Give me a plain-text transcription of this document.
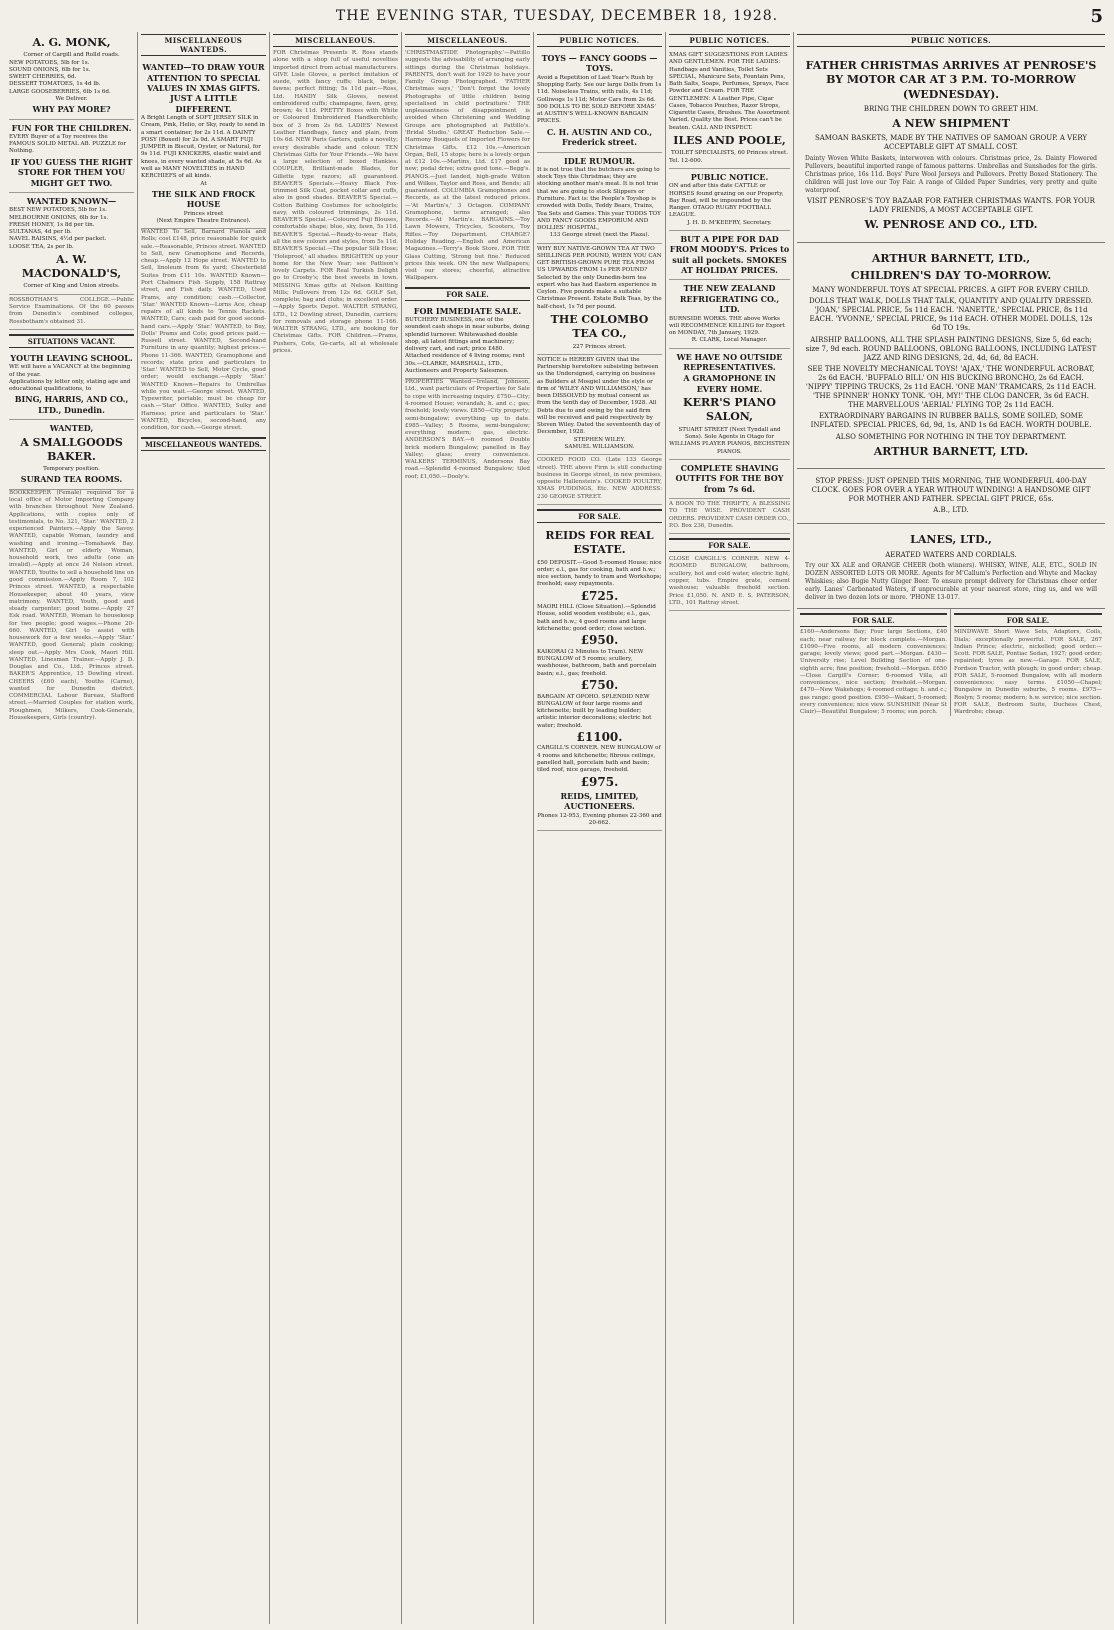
THE EVENING STAR, TUESDAY, DECEMBER 18, 1928.	5
A. G. MONK,
Corner of Cargill and Rolld roads.
NEW POTATOES, 5lb for 1s.
SOUND ONIONS, 6lb for 1s.
SWEET CHERRIES, 6d.
DESSERT TOMATOES, 1s 4d lb.
LARGE GOOSEBERRIES, 6lb 1s 6d.
We Deliver.
WHY PAY MORE?
FUN FOR THE CHILDREN.
EVERY Buyer of a Toy receives the FAMOUS SOLID METAL AB. PUZZLE for Nothing.
IF YOU GUESS THE RIGHT STORE FOR THEM YOU MIGHT GET TWO.
WANTED KNOWN—
BEST NEW POTATOES, 5lb for 1s.
MELBOURNE ONIONS, 6lb for 1s.
FRESH HONEY, 1s 8d per tin.
SULTANAS, 4d per lb.
NAVEL RAISINS, 4½d per packet.
LOOSE TEA, 2s per lb.
A. W. MACDONALD'S,
Corner of King and Union streets.
ROSSBOTHAM'S COLLEGE.—Public Service Examinations. Of the 60 passes from Dunedin's combined colleges, Rossbotham's obtained 31.
SITUATIONS VACANT.
YOUTH LEAVING SCHOOL.
WE will have a VACANCY at the beginning of the year.
Applications by letter only, stating age and educational qualifications, to
BING, HARRIS, AND CO., LTD., Dunedin.
WANTED,
A SMALLGOODS BAKER.
Temporary position.
SURAND TEA ROOMS.
BOOKKEEPER (Female) required for a local office of Motor Importing Company with branches throughout New Zealand. Applications, with copies only of testimonials, to No. 321, 'Star.' WANTED, 2 experienced Painters.—Apply the Savoy. WANTED, capable Woman, laundry and washing and ironing.—Tomahawk Bay. WANTED, Girl or elderly Woman, household work, two adults (one an invalid).—Apply at once 24 Nelson street. WANTED, Youths to sell a household line on good commission.—Apply Room 7, 102 Princes street. WANTED, a respectable Housekeeper, about 40 years, view matrimony. WANTED, Youth, good and steady carpenter; good home.—Apply 27 Esk road. WANTED, Woman to housekeep for two people; good wages.—Phone 20-660. WANTED, Girl to assist with housework for a few weeks.—Apply 'Star.' WANTED, good General; plain cooking; sleep out.—Apply Mrs Cook, Maori Hill. WANTED, Linesman Trainer.—Apply J. D. Douglas and Co., Ltd., Princes street. BAKER'S Apprentice, 15 Dowling street. CHEERS (£60 each), Youths (Carne), wanted for Dunedin district. COMMERCIAL Labour Bureau, Stafford street.—Married Couples for station work, Ploughmen, Milkers, Cook-Generals, Housekeepers, Girls (country).
MISCELLANEOUS WANTEDS.
WANTED—TO DRAW YOUR ATTENTION TO SPECIAL VALUES IN XMAS GIFTS. JUST A LITTLE DIFFERENT.
A Bright Length of SOFT JERSEY SILK in Cream, Pink, Helio, or Sky, ready to send in a smart container, for 2s 11d. A DAINTY POSY (Boxed) for 2s 9d. A SMART FUJI JUMPER in Biscuit, Oyster, or Natural, for 9s 11d. FUJI KNICKERS, elastic waist and knees, in every wanted shade, at 5s 6d. As well as MANY NOVELTIES in HAND KERCHIEFS of all kinds.
At
THE SILK AND FROCK HOUSE
Princes street
(Next Empire Theatre Entrance).
WANTED To Sell, Barnard Pianola and Rolls; cost £148, price reasonable for quick sale.—Reasonable, Princes street. WANTED to Sell, new Gramophone and Records, cheap.—Apply 12 Hope street. WANTED to Sell, linoleum from 6s yard; Chesterfield Suites from £11 10s. WANTED Known—Port Chalmers Fish Supply, 158 Rattray street, and Fish daily. WANTED, Used Prams, any condition; cash.—Collector, 'Star.' WANTED Known—Lorns Ace, cheap repairs of all kinds to Tennis Rackets. WANTED, Cars; cash paid for good second-hand cars.—Apply 'Star.' WANTED, to Buy, Dolls' Prams and Cots; good prices paid.—Russell street. WANTED, Second-hand Furniture in any quantity; highest prices.—Phone 11-366. WANTED, Gramophone and records; state price and particulars to 'Star.' WANTED to Sell, Motor Cycle, good order; would exchange.—Apply 'Star.' WANTED Known—Repairs to Umbrellas while you wait.—George street. WANTED, Typewriter, portable; must be cheap for cash.—'Star' Office. WANTED, Sulky and Harness; price and particulars to 'Star.' WANTED, Bicycles, second-hand, any condition, for cash.—George street.
MISCELLANEOUS WANTEDS.
MISCELLANEOUS.
FOR Christmas Presents R. Ross stands alone with a shop full of useful novelties imported direct from actual manufacturers. GIVE Lisle Gloves, a perfect imitation of suede, with fancy cuffs; black, beige, fawns; perfect fitting; 5s 11d pair.—Ross, Ltd. HANDY Silk Gloves, newest embroidered cuffs; champagne, fawn, grey, brown; 4s 11d. PRETTY Boxes with White or Coloured Embroidered Handkerchiefs; box of 3 from 2s 6d. LADIES' Newest Leather Handbags, fancy and plain, from 10s 6d. NEW Paris Garters, quite a novelty; every desirable shade and colour. TEN Christmas Gifts for Your Friends.—We have a large selection of boxed Hankies. COUPLER, Brilliant-made Blades, for Gillette type razors; all guaranteed. BEAVER'S Specials.—Heavy Black Fox-trimmed Silk Coat, pocket collar and cuffs, also in good shades. BEAVER'S Special.—Cotton Bathing Costumes for schoolgirls; navy, with coloured trimmings, 2s 11d. BEAVER'S Special.—Coloured Fuji Blouses, comfortable shape; blue, sky, fawn, 5s 11d. BEAVER'S Special.—Ready-to-wear Hats, all the new colours and styles, from 5s 11d. BEAVER'S Special.—The popular Silk Hose; 'Holeproof,' all shades. BRIGHTEN up your home for the New Year; see Pattison's lovely Carpets. FOR Real Turkish Delight go to Crosby's; the best sweets in town. MISSING Xmas gifts at Nelson Knitting Mills; Pullovers from 12s 6d. GOLF Set, complete; bag and clubs; in excellent order.—Apply Sports Depot. WALTER STRANG, LTD., 12 Dowling street, Dunedin, carriers; for removals and storage phone 11-166. WALTER STRANG, LTD., are booking for Christmas Gifts. FOR Children.—Prams, Pushers, Cots, Go-carts, all at wholesale prices.
MISCELLANEOUS.
'CHRISTMASTIDE Photography.'—Pattillo suggests the advisability of arranging early sittings during the Christmas holidays. PARENTS, don't wait for 1929 to have your Family Group Photographed. 'FATHER Christmas says,' 'Don't forget the lovely Photographs of little children being specialised in child portraiture.' THE unpleasantness of disappointment is avoided when Christening and Wedding Groups are photographed at Pattillo's. 'Bridal Studio.' GREAT Reduction Sale.—Harmony Bouquets of Imported Flowers for Christmas Gifts. £12 10s.—American Organ, Bell, 15 stops; here is a lovely organ at £12 10s.—Martins, Ltd. £17 good as new; pedal drive; extra good tone.—Begg's. PIANOS.—Just landed, high-grade Wilton and Wilkes, Taylor and Ross, and Bends; all guaranteed. COLUMBIA Gramophones and Records, as at the latest reduced prices.—'At Martin's,' 3 Octagon. COMPANY Gramophone, terms arranged; also Records.—At Martin's. BARGAINS.—Toy Lawn Mowers, Tricycles, Scooters, Toy Rifles.—Toy Department. CHARGE? Holiday Reading.—English and American Magazines.—Terry's Book Store. FOR THE Glass Cutting, 'Strong but fine.' Reduced prices this week. ON the new Wallpapers; visit our stores; cheerful, attractive Wallpapers.
FOR SALE.
FOR IMMEDIATE SALE.
BUTCHERY BUSINESS, one of the soundest cash shops in near suburbs, doing splendid turnover. Whitewashed double shop, all latest fittings and machinery; delivery cart, and cart; price £480. Attached residence of 4 living rooms; rent 30s.—CLARKE, MARSHALL, LTD., Auctioneers and Property Salesmen.
PROPERTIES Wanted—Ireland, Johnson, Ltd., want particulars of Properties for Sale to cope with increasing inquiry. £750—City; 4-roomed House; verandah; h. and c.; gas; freehold; lovely views. £850—City property; semi-bungalow; everything up to date. £985—Valley; 5 Rooms, semi-bungalow; everything modern; gas, electric. ANDERSON'S BAY.—6 roomed Double brick modern Bungalow; panelled in Bay Valley; glass; every convenience. WALKERS' TERMINUS, Andersons Bay road.—Splendid 4-roomed Bungalow; tiled roof; £1,050.—Dooly's.
PUBLIC NOTICES.
TOYS — FANCY GOODS — TOYS.
Avoid a Repetition of Last Year's Rush by Shopping Early. See our large Dolls from 1s 11d. Noiseless Trains, with rails, 4s 11d; Golliwogs 1s 11d; Motor Cars from 2s 6d. 500 DOLLS TO BE SOLD BEFORE XMAS' at AUSTIN'S WELL-KNOWN BARGAIN PRICES.
C. H. AUSTIN AND CO., Frederick street.
IDLE RUMOUR.
It is not true that the butchers are going to stock Toys this Christmas; they are stocking another man's meat. It is not true that we are going to stock Slippers or Furniture. Fact is: the People's Toyshop is crowded with Dolls, Teddy Bears, Trains, Tea Sets and Games. This year TODDS TOY AND FANCY GOODS EMPORIUM AND DOLLIES' HOSPITAL,
133 George street (next the Plaza).
WHY BUY NATIVE-GROWN TEA AT TWO SHILLINGS PER POUND, WHEN YOU CAN GET BRITISH-GROWN PURE TEA FROM US UPWARDS FROM 1s PER POUND? Selected by the only Dunedin-born tea expert who has had Eastern experience in Ceylon. Five pounds make a suitable Christmas Present. Estate Bulk Teas, by the half-chest, 1s 7d per pound.
THE COLOMBO TEA CO.,
227 Princes street.
NOTICE is HEREBY GIVEN that the Partnership heretofore subsisting between us the Undersigned, carrying on business as Builders at Mosgiel under the style or firm of 'WILEY AND WILLIAMSON,' has been DISSOLVED by mutual consent as from the tenth day of December, 1928. All Debts due to and owing by the said firm will be received and paid respectively by Steven Wiley. Dated the seventeenth day of December, 1928.
STEPHEN WILEY.
SAMUEL WILLIAMSON.
COOKED FOOD CO. (Late 133 George street). THE above Firm is still conducting business in George street, in new premises, opposite Hallenstein's. COOKED POULTRY, XMAS PUDDINGS, Etc. NEW ADDRESS: 230 GEORGE STREET.
FOR SALE.
REIDS FOR REAL ESTATE.
£50 DEPOSIT.—Good 5-roomed House; nice order; e.l., gas for cooking, bath and h.w.; nice section, handy to tram and Workshops; freehold; easy repayments.
£725.
MAORI HILL (Close Situation).—Splendid House, solid wooden vestibule; e.l., gas, bath and h.w.; 4 good rooms and large kitchenette; good order; close section.
£950.
KAIKORAI (2 Minutes to Tram). NEW BUNGALOW of 5 rooms; scullery, washhouse, bathroom, bath and porcelain basin; e.l., gas; freehold.
£750.
BARGAIN AT OPOHO. SPLENDID NEW BUNGALOW of four large rooms and kitchenette; built by leading builder; artistic interior decorations; electric hot water; freehold.
£1100.
CARGILL'S CORNER. NEW BUNGALOW of 4 rooms and kitchenette; fibrous ceilings, panelled hall, porcelain bath and basin; tiled roof, nice garage, freehold.
£975.
REIDS, LIMITED, AUCTIONEERS.
Phones 12-953, Evening phones 22-360 and 20-662.
PUBLIC NOTICES.
XMAS GIFT SUGGESTIONS FOR LADIES AND GENTLEMEN. FOR THE LADIES: Handbags and Vanities, Toilet Sets SPECIAL, Manicure Sets, Fountain Pens, Bath Salts, Soaps, Perfumes, Sprays, Face Powder and Cream. FOR THE GENTLEMEN: A Leather Pipe, Cigar Cases, Tobacco Pouches, Razor Strops, Cigarette Cases, Brushes. The Assortment Varied. Quality the Best. Prices can't be beaten. CALL AND INSPECT.
ILES AND POOLE,
TOILET SPECIALISTS, 60 Princes street.
Tel. 12-600.
PUBLIC NOTICE.
ON and after this date CATTLE or HORSES found grazing on our Property, Bay Road, will be impounded by the Ranger. OTAGO RUGBY FOOTBALL LEAGUE.
J. H. D. M'KEEFRY, Secretary.
BUT A PIPE FOR DAD FROM MOODY'S. Prices to suit all pockets. SMOKES AT HOLIDAY PRICES.
THE NEW ZEALAND REFRIGERATING CO., LTD.
BURNSIDE WORKS. THE above Works will RECOMMENCE KILLING for Export on MONDAY, 7th January, 1929.
R. CLARK, Local Manager.
WE HAVE NO OUTSIDE REPRESENTATIVES.
A GRAMOPHONE IN EVERY HOME.
KERR'S PIANO SALON,
STUART STREET (Next Tyndall and Sons). Sole Agents in Otago for WILLIAMS PLAYER PIANOS, BECHSTEIN PIANOS.
COMPLETE SHAVING OUTFITS FOR THE BOY from 7s 6d.
A BOON TO THE THRIFTY, A BLESSING TO THE WISE. PROVIDENT CASH ORDERS. PROVIDENT CASH ORDER CO., P.O. Box 236, Dunedin.
FOR SALE.
CLOSE CARGILL'S CORNER. NEW 4-ROOMED BUNGALOW, bathroom, scullery, hot and cold water, electric light, copper, tubs. Empire grate, cement washouse; valuable freehold section. Price £1,050. N. AND E. S. PATERSON, LTD., 101 Rattray street.
PUBLIC NOTICES.
FATHER CHRISTMAS ARRIVES AT PENROSE'S BY MOTOR CAR AT 3 P.M. TO-MORROW (WEDNESDAY).
BRING THE CHILDREN DOWN TO GREET HIM.
A NEW SHIPMENT
SAMOAN BASKETS, MADE BY THE NATIVES OF SAMOAN GROUP. A VERY ACCEPTABLE GIFT AT SMALL COST.
Dainty Woven White Baskets, interwoven with colours. Christmas price, 2s. Dainty Flowered Pullovers, beautiful imported range of famous patterns. Umbrellas and Sunshades for the girls. Christmas price, 16s 11d. Boys' Pure Wool Jerseys and Pullovers. Pretty Boxed Stationery. The children will just love our Toy Fair. A range of Gilded Paper Sundries, very pretty and quite waterproof.
VISIT PENROSE'S TOY BAZAAR FOR FATHER CHRISTMAS WANTS. FOR YOUR LADY FRIENDS, A MOST ACCEPTABLE GIFT.
W. PENROSE AND CO., LTD.
ARTHUR BARNETT, LTD.,
CHILDREN'S DAY TO-MORROW.
MANY WONDERFUL TOYS AT SPECIAL PRICES. A GIFT FOR EVERY CHILD.
DOLLS THAT WALK, DOLLS THAT TALK, QUANTITY AND QUALITY DRESSED. 'JOAN,' SPECIAL PRICE, 5s 11d EACH. 'NANETTE,' SPECIAL PRICE, 8s 11d EACH. 'YVONNE,' SPECIAL PRICE, 9s 11d EACH. OTHER MODEL DOLLS, 12s 6d TO 19s.
AIRSHIP BALLOONS, ALL THE SPLASH PAINTING DESIGNS, Size 5, 6d each; size 7, 9d each. ROUND BALLOONS, OBLONG BALLOONS, INCLUDING LATEST JAZZ AND RING DESIGNS, 2d, 4d, 6d, 8d EACH.
SEE THE NOVELTY MECHANICAL TOYS! 'AJAX,' THE WONDERFUL ACROBAT, 2s 6d EACH. 'BUFFALO BILL' ON HIS BUCKING BRONCHO, 2s 6d EACH. 'NIPPY' TIPPING TRUCKS, 2s 11d EACH. 'ONE MAN' TRAMCARS, 2s 11d EACH. 'THE SPINNER' HONKY TONK. 'OH, MY!' THE CLOG DANCER, 3s 6d EACH. THE MARVELLOUS 'AERIAL' FLYING TOP, 2s 11d EACH.
EXTRAORDINARY BARGAINS IN RUBBER BALLS, SOME SOILED, SOME INFLATED. SPECIAL PRICES, 6d, 9d, 1s, AND 1s 6d EACH. WORTH DOUBLE.
ALSO SOMETHING FOR NOTHING IN THE TOY DEPARTMENT.
ARTHUR BARNETT, LTD.
STOP PRESS: JUST OPENED THIS MORNING, THE WONDERFUL 400-DAY CLOCK. GOES FOR OVER A YEAR WITHOUT WINDING! A HANDSOME GIFT FOR MOTHER AND FATHER. SPECIAL GIFT PRICE, 65s.
A.B., LTD.
LANES, LTD.,
AERATED WATERS AND CORDIALS.
Try our XX ALE and ORANGE CHEER (both winners). WHISKY, WINE, ALE, ETC., SOLD IN DOZEN ASSORTED LOTS OR MORE. Agents for M'Callum's Perfection and Whyte and Mackay Whiskies; also Bugie Nutty Ginger Beer. To ensure prompt delivery for Christmas cheer order early. Lanes' Carbonated Waters, if unprocurable at your nearest store, ring us, and we will deliver in two dozen lots or more. 'PHONE 13-017.
FOR SALE.
£160—Andersons Bay; Four large Sections, £40 each; near railway for block complete.—Morgan. £1090—Five rooms, all modern conveniences; garage; lovely views; good part.—Morgan. £430—University rise; Level Building Section of one-eighth acre; fine position; freehold.—Morgan. £650—Close Cargill's Corner; 6-roomed Villa, all conveniences, nice section; freehold.—Morgan. £470—New Wakehogs; 4-roomed cottage; h. and c.; gas range; good position. £950—Wakari, 5-roomed; every convenience; nice view. SUNSHINE (Near St Clair)—Beautiful Bungalow; 5 rooms; sun porch.
FOR SALE.
MINDWAVE Short Wave Sets, Adaptors, Coils, Dials; exceptionally powerful. FOR SALE, 267 Indian Prince; electric, nickelled; good order.—Scott. FOR SALE, Pontiac Sedan, 1927; good order; repainted; tyres as new.—Garage. FOR SALE, Fordson Tractor, with plough; in good order; cheap. FOR SALE, 5-roomed Bungalow, with all modern conveniences; easy terms. £1050—Chapel; Bungalow in Dunedin suburbs, 5 rooms. £975—Roslyn; 5 rooms; modern; h.w. service; nice section. FOR SALE, Bedroom Suite, Duchess Chest, Wardrobe; cheap.
